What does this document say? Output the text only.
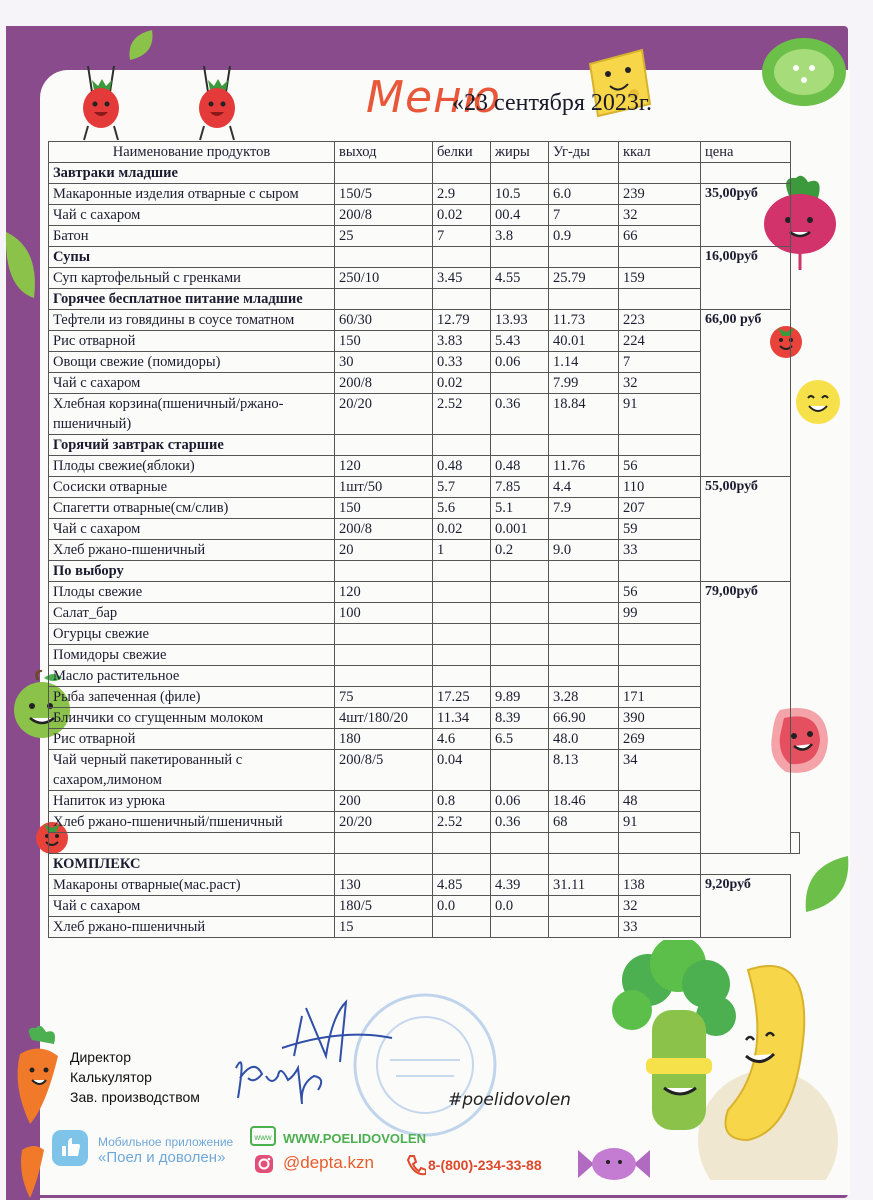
Меню
«23 сентября 2023г.
Наименование продуктов	выход	белки	жиры	Уг-ды	ккал	цена	
Завтраки младшие							
Макаронные изделия отварные с сыром	150/5	2.9	10.5	6.0	239	35,00руб	
Чай с сахаром	200/8	0.02	00.4	7	32		
Батон	25	7	3.8	0.9	66		
Супы						16,00руб	
Суп картофельный с гренками	250/10	3.45	4.55	25.79	159		
Горячее бесплатное питание младшие							
Тефтели из говядины в соусе томатном	60/30	12.79	13.93	11.73	223	66,00 руб	
Рис отварной	150	3.83	5.43	40.01	224		
Овощи свежие (помидоры)	30	0.33	0.06	1.14	7		
Чай с сахаром	200/8	0.02		7.99	32		
Хлебная корзина(пшеничный/ржано-пшеничный)	20/20	2.52	0.36	18.84	91		
Горячий завтрак старшие							
Плоды свежие(яблоки)	120	0.48	0.48	11.76	56		
Сосиски отварные	1шт/50	5.7	7.85	4.4	110	55,00руб	
Спагетти отварные(см/слив)	150	5.6	5.1	7.9	207		
Чай с сахаром	200/8	0.02	0.001		59		
Хлеб ржано-пшеничный	20	1	0.2	9.0	33		
По выбору							
Плоды свежие	120				56	79,00руб	
Салат_бар	100				99		
Огурцы свежие							
Помидоры свежие							
Масло растительное							
Рыба запеченная (филе)	75	17.25	9.89	3.28	171		
Блинчики со сгущенным молоком	4шт/180/20	11.34	8.39	66.90	390		
Рис отварной	180	4.6	6.5	48.0	269		
Чай черный пакетированный с сахаром,лимоном	200/8/5	0.04		8.13	34		
Напиток из урюка	200	0.8	0.06	18.46	48		
Хлеб ржано-пшеничный/пшеничный	20/20	2.52	0.36	68	91		

КОМПЛЕКС							
Макароны отварные(мас.раст)	130	4.85	4.39	31.11	138	9,20руб	
Чай с сахаром	180/5	0.0	0.0		32		
Хлеб ржано-пшеничный	15				33		
Директор
Калькулятор
Зав. производством	#poelidovolen
Мобильное приложение
«Поел и доволен»
www WWW.POELIDOVOLEN
@depta.kzn	8-(800)-234-33-88
